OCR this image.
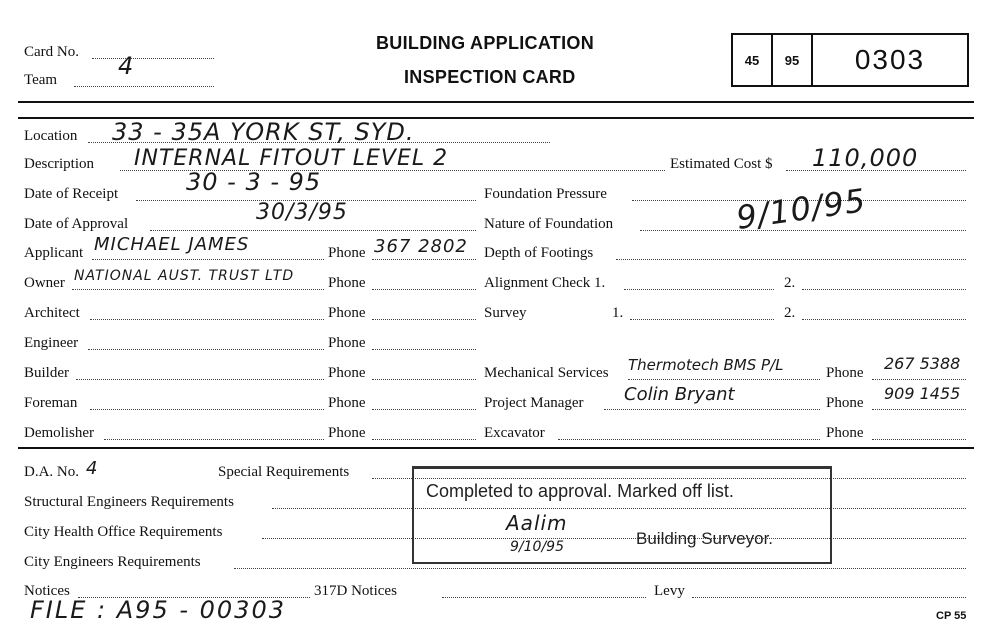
Card No.
Team	4
BUILDING APPLICATION
INSPECTION CARD
45	95	0303
Location 33 - 35A YORK ST, SYD.
Description INTERNAL FITOUT LEVEL 2
Date of Receipt	30 - 3 - 95
Date of Approval	30/3/95
Applicant MICHAEL JAMES	Phone 367 2802
Owner NATIONAL AUST. TRUST LTD Phone
Architect	Phone
Engineer	Phone
Builder	Phone
Foreman	Phone
Demolisher	Phone
Estimated Cost $ 110,000
Foundation Pressure
Nature of Foundation	9/10/95
Depth of Footings
Alignment Check 1.	2.
Survey	1.	2.
Mechanical Services Thermotech BMS P/L	Phone 267 5388
Project Manager Colin Bryant	Phone 909 1455
Excavator	Phone
D.A. No. 4	Special Requirements
Structural Engineers Requirements
City Health Office Requirements
City Engineers Requirements
Notices	317D Notices	Levy
FILE : A95 - 00303	CP 55
Completed to approval. Marked off list.
Aalim
9/10/95	Building Surveyor.
